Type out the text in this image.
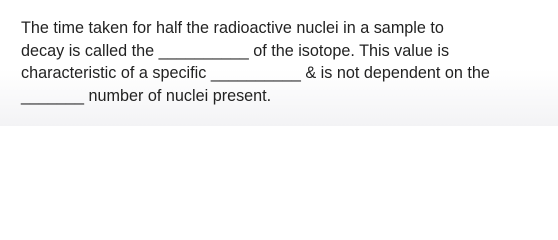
The time taken for half the radioactive nuclei in a sample to
decay is called the __________ of the isotope. This value is
characteristic of a specific __________ & is not dependent on the
_______ number of nuclei present.
